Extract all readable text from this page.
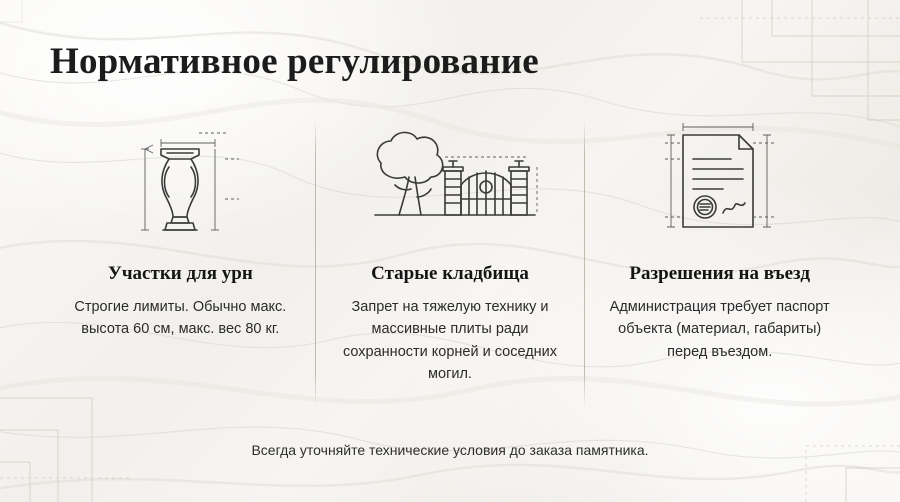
Нормативное регулирование
Участки для урн
Строгие лимиты. Обычно макс. высота 60 см, макс. вес 80 кг.
Старые кладбища
Запрет на тяжелую технику и массивные плиты ради сохранности корней и соседних могил.
Разрешения на въезд
Администрация требует паспорт объекта (материал, габариты) перед въездом.
Всегда уточняйте технические условия до заказа памятника.
